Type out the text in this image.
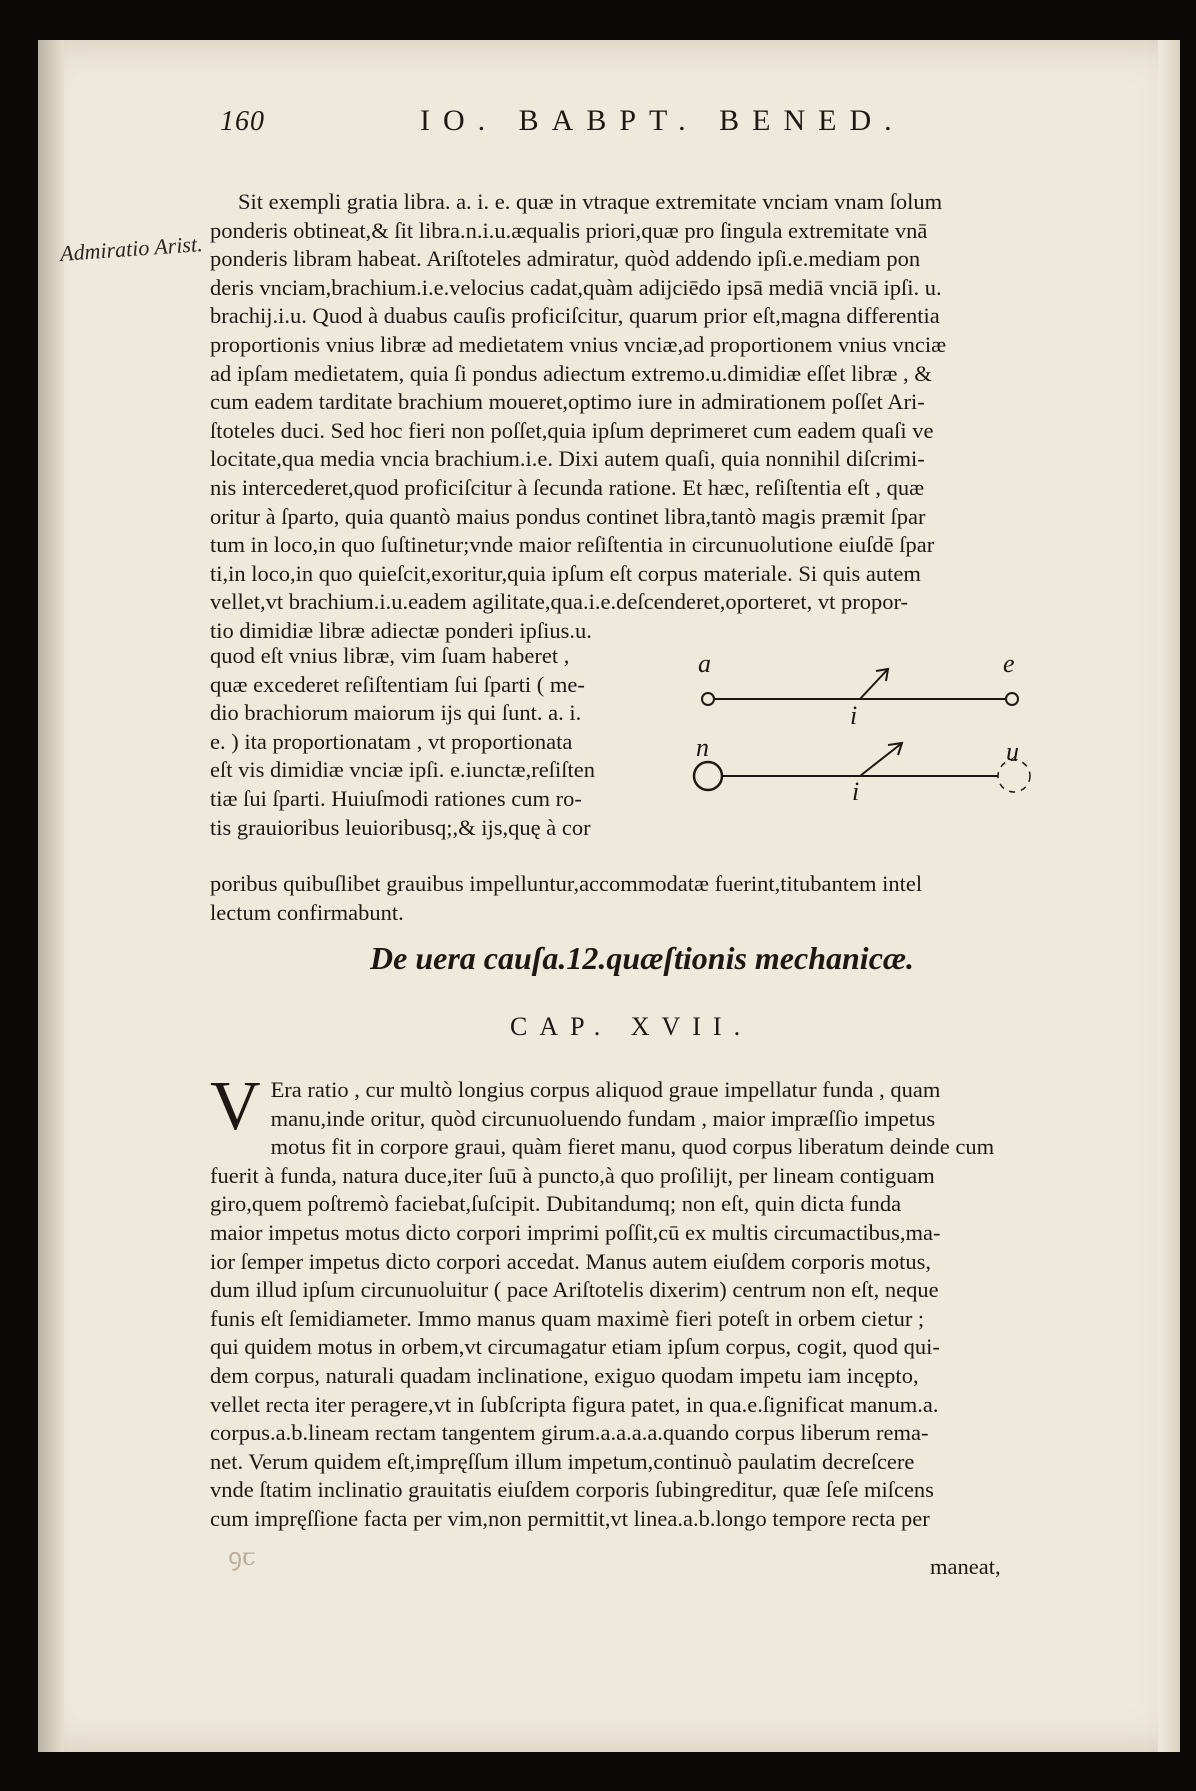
160	IO. BABPT. BENED.
Admiratio Arist.
Sit exempli gratia libra. a. i. e. quæ in vtraque extremitate vnciam vnam ſolum
ponderis obtineat,& ſit libra.n.i.u.æqualis priori,quæ pro ſingula extremitate vnā
ponderis libram habeat. Ariſtoteles admiratur, quòd addendo ipſi.e.mediam pon
deris vnciam,brachium.i.e.velocius cadat,quàm adijciēdo ipsā mediā vnciā ipſi. u.
brachij.i.u. Quod à duabus cauſis proficiſcitur, quarum prior eſt,magna differentia
proportionis vnius libræ ad medietatem vnius vnciæ,ad proportionem vnius vnciæ
ad ipſam medietatem, quia ſi pondus adiectum extremo.u.dimidiæ eſſet libræ , &
cum eadem tarditate brachium moueret,optimo iure in admirationem poſſet Ari-
ſtoteles duci. Sed hoc fieri non poſſet,quia ipſum deprimeret cum eadem quaſi ve
locitate,qua media vncia brachium.i.e. Dixi autem quaſi, quia nonnihil diſcrimi-
nis intercederet,quod proficiſcitur à ſecunda ratione. Et hæc, reſiſtentia eſt , quæ
oritur à ſparto, quia quantò maius pondus continet libra,tantò magis præmit ſpar
tum in loco,in quo ſuſtinetur;vnde maior reſiſtentia in circunuolutione eiuſdē ſpar
ti,in loco,in quo quieſcit,exoritur,quia ipſum eſt corpus materiale. Si quis autem
vellet,vt brachium.i.u.eadem agilitate,qua.i.e.deſcenderet,oporteret, vt propor-
tio dimidiæ libræ adiectæ ponderi ipſius.u.
quod eſt vnius libræ, vim ſuam haberet ,
quæ excederet reſiſtentiam ſui ſparti ( me-
dio brachiorum maiorum ijs qui ſunt. a. i.
e. ) ita proportionatam , vt proportionata
eſt vis dimidiæ vnciæ ipſi. e.iunctæ,reſiſten
tiæ ſui ſparti. Huiuſmodi rationes cum ro-
tis grauioribus leuioribusq;,& ijs,quę à cor
a	e
i
n	u
i
poribus quibuſlibet grauibus impelluntur,accommodatæ fuerint,titubantem intel
lectum confirmabunt.
De uera cauſa.12.quæſtionis mechanicæ.
CAP. XVII.
V Era ratio , cur multò longius corpus aliquod graue impellatur funda , quam
manu,inde oritur, quòd circunuoluendo fundam , maior impræſſio impetus
motus fit in corpore graui, quàm fieret manu, quod corpus liberatum deinde cum
fuerit à funda, natura duce,iter ſuū à puncto,à quo proſilijt, per lineam contiguam
giro,quem poſtremò faciebat,ſuſcipit. Dubitandumq; non eſt, quin dicta funda
maior impetus motus dicto corpori imprimi poſſit,cū ex multis circumactibus,ma-
ior ſemper impetus dicto corpori accedat. Manus autem eiuſdem corporis motus,
dum illud ipſum circunuoluitur ( pace Ariſtotelis dixerim) centrum non eſt, neque
funis eſt ſemidiameter. Immo manus quam maximè fieri poteſt in orbem cietur ;
qui quidem motus in orbem,vt circumagatur etiam ipſum corpus, cogit, quod qui-
dem corpus, naturali quadam inclinatione, exiguo quodam impetu iam incępto,
vellet recta iter peragere,vt in ſubſcripta figura patet, in qua.e.ſignificat manum.a.
corpus.a.b.lineam rectam tangentem girum.a.a.a.a.quando corpus liberum rema-
net. Verum quidem eſt,impręſſum illum impetum,continuò paulatim decreſcere
vnde ſtatim inclinatio grauitatis eiuſdem corporis ſubingreditur, quæ ſeſe miſcens
cum impręſſione facta per vim,non permittit,vt linea.a.b.longo tempore recta per
ꝯꞇ	maneat,
